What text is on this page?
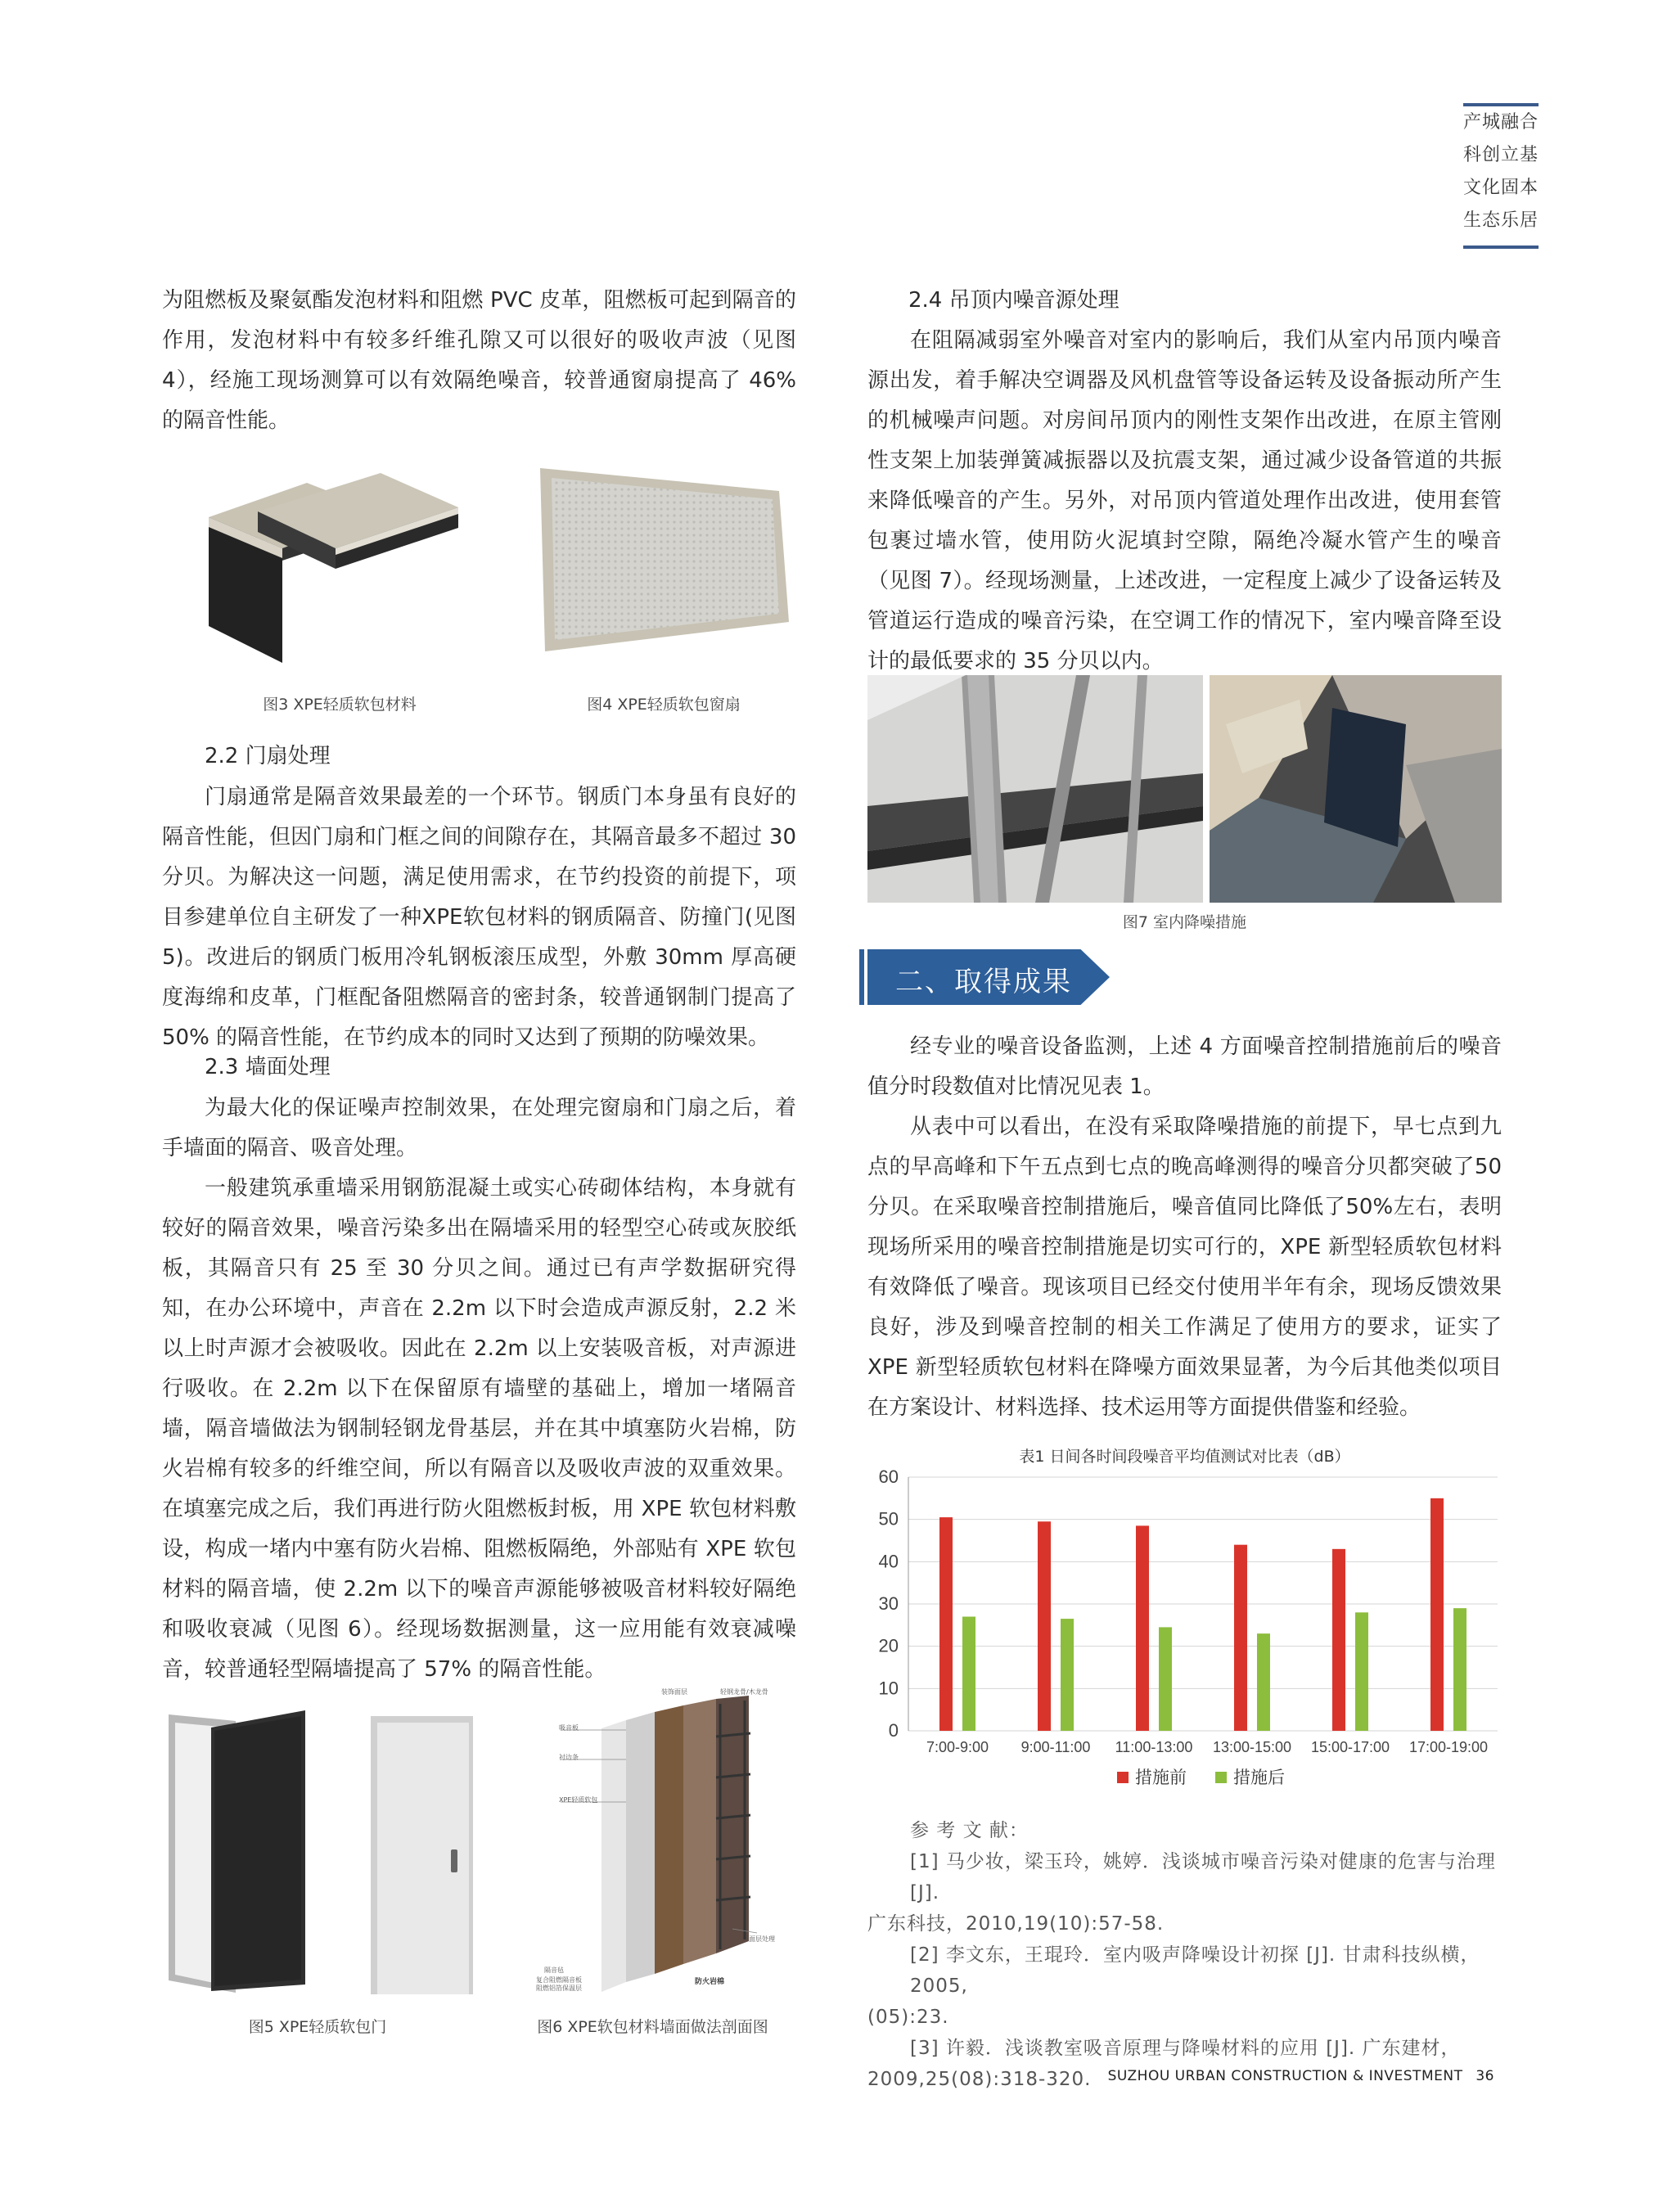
产城融合
科创立基
文化固本
生态乐居

为阻燃板及聚氨酯发泡材料和阻燃 PVC 皮革，阻燃板可起到隔音的作用，发泡材料中有较多纤维孔隙又可以很好的吸收声波（见图 4），经施工现场测算可以有效隔绝噪音，较普通窗扇提高了 46% 的隔音性能。

图3 XPE轻质软包材料	图4 XPE轻质软包窗扇

2.2 门扇处理

门扇通常是隔音效果最差的一个环节。钢质门本身虽有良好的隔音性能，但因门扇和门框之间的间隙存在，其隔音最多不超过 30 分贝。为解决这一问题，满足使用需求，在节约投资的前提下，项目参建单位自主研发了一种XPE软包材料的钢质隔音、防撞门(见图 5)。改进后的钢质门板用冷轧钢板滚压成型，外敷 30mm 厚高硬度海绵和皮革，门框配备阻燃隔音的密封条，较普通钢制门提高了 50% 的隔音性能，在节约成本的同时又达到了预期的防噪效果。

2.3 墙面处理

为最大化的保证噪声控制效果，在处理完窗扇和门扇之后，着手墙面的隔音、吸音处理。

一般建筑承重墙采用钢筋混凝土或实心砖砌体结构，本身就有较好的隔音效果，噪音污染多出在隔墙采用的轻型空心砖或灰胶纸板，其隔音只有 25 至 30 分贝之间。通过已有声学数据研究得知，在办公环境中，声音在 2.2m 以下时会造成声源反射，2.2 米以上时声源才会被吸收。因此在 2.2m 以上安装吸音板，对声源进行吸收。在 2.2m 以下在保留原有墙壁的基础上，增加一堵隔音墙，隔音墙做法为钢制轻钢龙骨基层，并在其中填塞防火岩棉，防火岩棉有较多的纤维空间，所以有隔音以及吸收声波的双重效果。在填塞完成之后，我们再进行防火阻燃板封板，用 XPE 软包材料敷设，构成一堵内中塞有防火岩棉、阻燃板隔绝，外部贴有 XPE 软包材料的隔音墙，使 2.2m 以下的噪音声源能够被吸音材料较好隔绝和吸收衰减（见图 6）。经现场数据测量，这一应用能有效衰减噪音，较普通轻型隔墙提高了 57% 的隔音性能。

装饰面层	轻钢龙骨/木龙骨
吸音板
衬边条
XPE轻质软包
防火岩棉
隔音毡
复合阻燃隔音板
阻燃铝箔保温层
面层处理
图5 XPE轻质软包门	图6 XPE软包材料墙面做法剖面图

2.4 吊顶内噪音源处理

在阻隔减弱室外噪音对室内的影响后，我们从室内吊顶内噪音源出发，着手解决空调器及风机盘管等设备运转及设备振动所产生的机械噪声问题。对房间吊顶内的刚性支架作出改进，在原主管刚性支架上加装弹簧减振器以及抗震支架，通过减少设备管道的共振来降低噪音的产生。另外，对吊顶内管道处理作出改进，使用套管包裹过墙水管，使用防火泥填封空隙，隔绝冷凝水管产生的噪音（见图 7）。经现场测量，上述改进，一定程度上减少了设备运转及管道运行造成的噪音污染，在空调工作的情况下，室内噪音降至设计的最低要求的 35 分贝以内。

图7 室内降噪措施
二、取得成果

经专业的噪音设备监测，上述 4 方面噪音控制措施前后的噪音值分时段数值对比情况见表 1。

从表中可以看出，在没有采取降噪措施的前提下，早七点到九点的早高峰和下午五点到七点的晚高峰测得的噪音分贝都突破了50分贝。在采取噪音控制措施后，噪音值同比降低了50%左右，表明现场所采用的噪音控制措施是切实可行的，XPE 新型轻质软包材料有效降低了噪音。现该项目已经交付使用半年有余，现场反馈效果良好，涉及到噪音控制的相关工作满足了使用方的要求，证实了 XPE 新型轻质软包材料在降噪方面效果显著，为今后其他类似项目在方案设计、材料选择、技术运用等方面提供借鉴和经验。

表1 日间各时间段噪音平均值测试对比表（dB）
0
10
20
30
40
50
60
7:00-9:00 9:00-11:00 11:00-13:00 13:00-15:00 15:00-17:00 17:00-19:00
措施前	措施后
参 考 文 献：
[1] 马少妆，梁玉玲，姚婷．浅谈城市噪音污染对健康的危害与治理 [J].
广东科技，2010,19(10):57-58.
[2] 李文东，王琨玲．室内吸声降噪设计初探 [J]. 甘肃科技纵横，2005,
(05):23.
[3] 许毅．浅谈教室吸音原理与降噪材料的应用 [J]. 广东建材，
2009,25(08):318-320.	SUZHOU URBAN CONSTRUCTION & INVESTMENT 36
